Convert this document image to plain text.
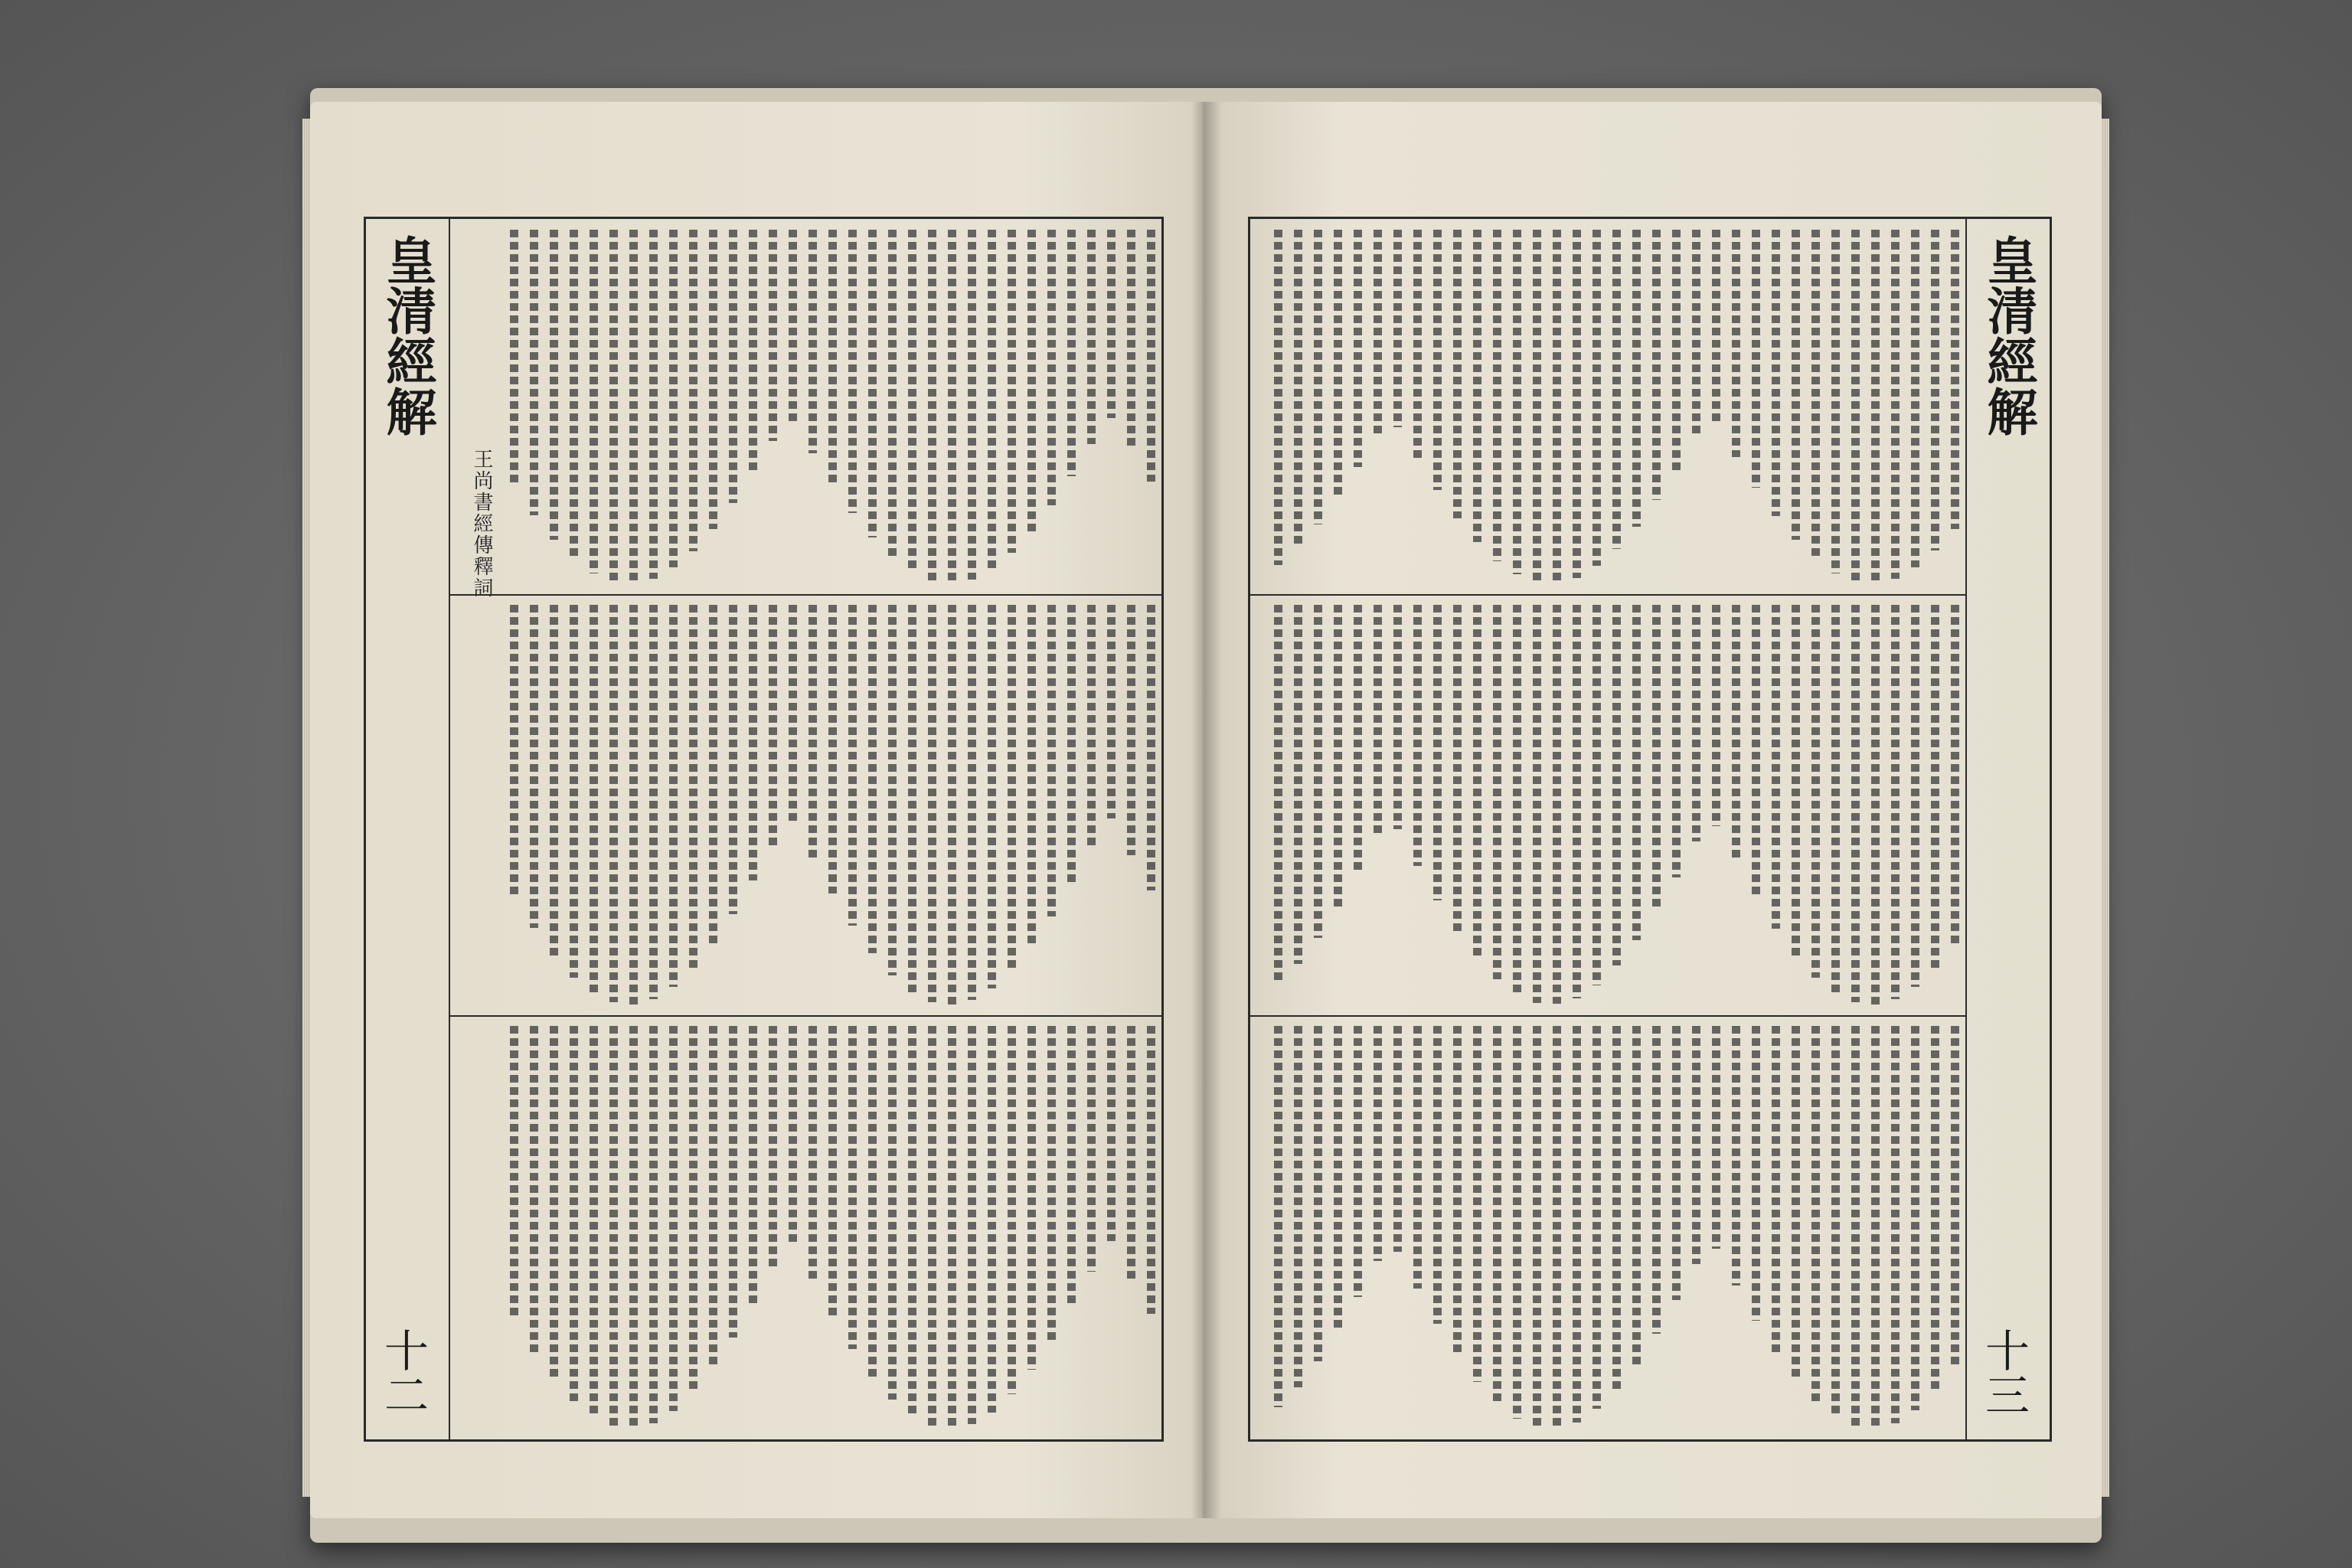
皇清經解
十二
王尚書經傳釋詞
皇清經解
十三
